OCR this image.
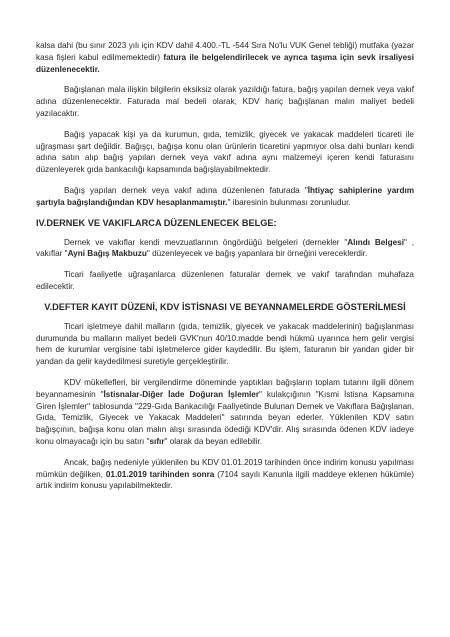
kalsa dahi (bu sınır 2023 yılı için KDV dahil 4.400.-TL -544 Sıra No'lu VUK Genel tebliği) mutfaka (yazar kasa fişleri kabul edilmemektedir) fatura ile belgelendirilecek ve ayrıca taşıma için sevk irsaliyesi düzenlenecektir.

Bağışlanan mala ilişkin bilgilerin eksiksiz olarak yazıldığı fatura, bağış yapılan dernek veya vakıf adına düzenlenecektir. Faturada mal bedeli olarak, KDV hariç bağışlanan malın maliyet bedeli yazılacaktır.

Bağış yapacak kişi ya da kurumun, gıda, temizlik, giyecek ve yakacak maddeleri ticareti ile uğraşması şart değildir. Bağışçı, bağışa konu olan ürünlerin ticaretini yapmıyor olsa dahi bunları kendi adına satın alıp bağış yapılan dernek veya vakıf adına aynı malzemeyi içeren kendi faturasını düzenleyerek gıda bankacılığı kapsamında bağışlayabilmektedir.

Bağış yapılan dernek veya vakıf adına düzenlenen faturada "İhtiyaç sahiplerine yardım şartıyla bağışlandığından KDV hesaplanmamıştır." ibaresinin bulunması zorunludur.

IV.DERNEK VE VAKIFLARCA DÜZENLENECEK BELGE:

Dernek ve vakıflar kendi mevzuatlarının öngördüğü belgeleri (dernekler "Alındı Belgesi" , vakıflar "Ayni Bağış Makbuzu" düzenleyecek ve bağış yapanlara bir örneğini vereceklerdir.

Ticari faaliyetle uğraşanlarca düzenlenen faturalar dernek ve vakıf tarafından muhafaza edilecektir.

V.DEFTER KAYIT DÜZENİ, KDV İSTİSNASI VE BEYANNAMELERDE GÖSTERİLMESİ

Ticari işletmeye dahil malların (gıda, temizlik, giyecek ve yakacak maddelerinin) bağışlanması durumunda bu malların maliyet bedeli GVK'nun 40/10.madde bendi hükmü uyarınca hem gelir vergisi hem de kurumlar vergisine tabi işletmelerce gider kaydedilir. Bu işlem, faturanın bir yandan gider bir yandan da gelir kaydedilmesi suretiyle gerçekleştirilir.

KDV mükellefleri, bir vergilendirme döneminde yaptıkları bağışların toplam tutarını ilgili dönem beyannamesinin "İstisnalar-Diğer İade Doğuran İşlemler" kulakçığının "Kısmi İstisna Kapsamına Giren İşlemler" tablosunda "229-Gıda Bankacılığı Faaliyetinde Bulunan Dernek ve Vakıflara Bağışlanan, Gıda, Temizlik, Giyecek ve Yakacak Maddeleri" satırında beyan ederler. Yüklenilen KDV satırı bağışçının, bağışa konu olan malın alışı sırasında ödediği KDV'dir. Alış sırasında ödenen KDV iadeye konu olmayacağı için bu satırı "sıfır" olarak da beyan edilebilir.

Ancak, bağış nedeniyle yüklenilen bu KDV 01.01.2019 tarihinden önce indirim konusu yapılması mümkün değilken, 01.01.2019 tarihinden sonra (7104 sayılı Kanunla ilgili maddeye eklenen hükümle) artık indirim konusu yapılabilmektedir.
